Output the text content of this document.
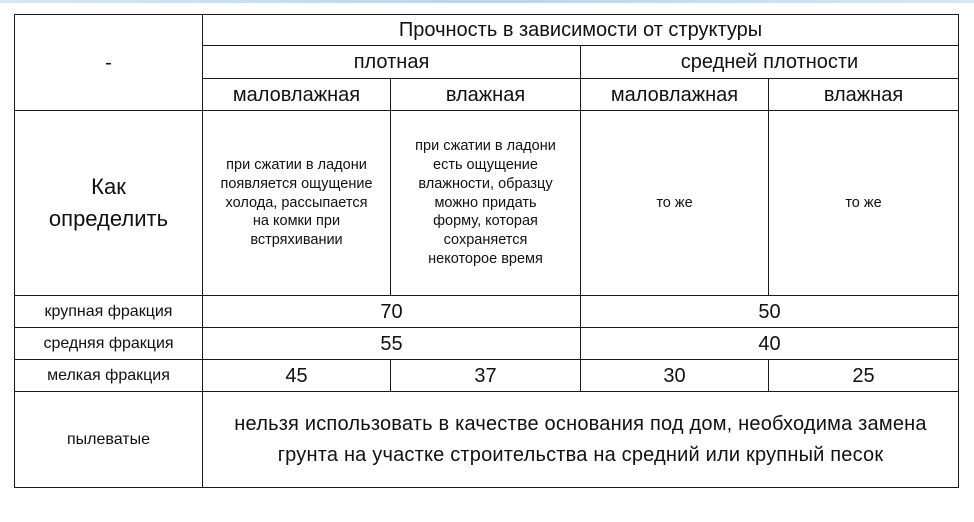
-	Прочность в зависимости от структуры			
	плотная		средней плотности	
	маловлажная	влажная	маловлажная	влажная
Как определить	при сжатии в ладони появляется ощущение холода, рассыпается на комки при встряхивании	при сжатии в ладони есть ощущение влажности, образцу можно придать форму, которая сохраняется некоторое время	то же	то же
крупная фракция	70		50	
средняя фракция	55		40	
мелкая фракция	45	37	30	25
пылеватые	нельзя использовать в качестве основания под дом, необходима замена грунта на участке строительства на средний или крупный песок			
